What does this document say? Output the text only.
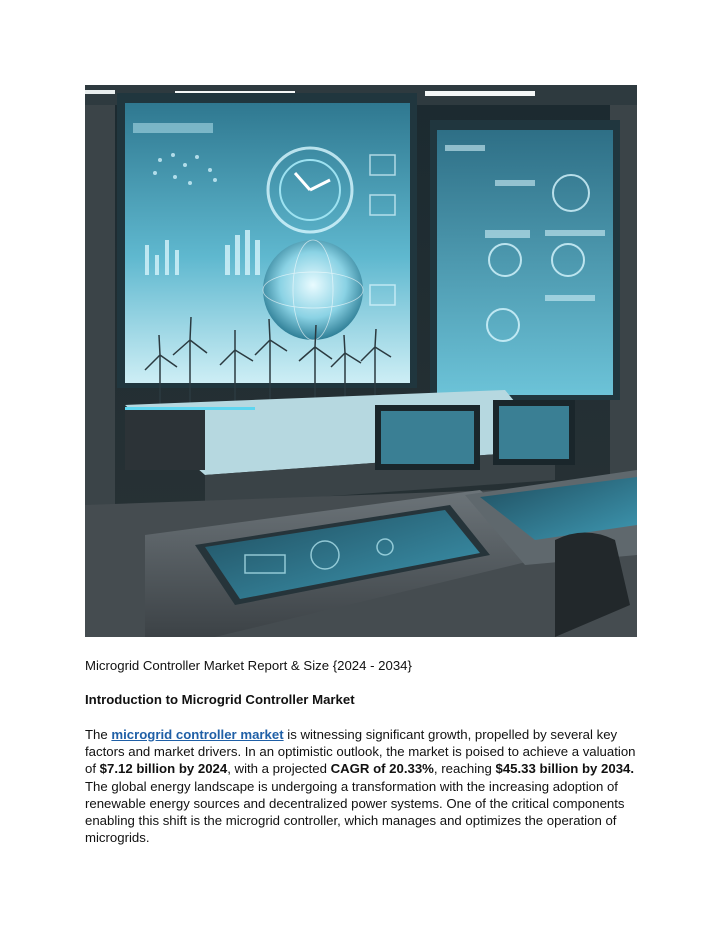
Microgrid Controller Market Report & Size {2024 - 2034}
Introduction to Microgrid Controller Market
The microgrid controller market is witnessing significant growth, propelled by several key factors and market drivers. In an optimistic outlook, the market is poised to achieve a valuation of $7.12 billion by 2024, with a projected CAGR of 20.33%, reaching $45.33 billion by 2034. The global energy landscape is undergoing a transformation with the increasing adoption of renewable energy sources and decentralized power systems. One of the critical components enabling this shift is the microgrid controller, which manages and optimizes the operation of microgrids.
